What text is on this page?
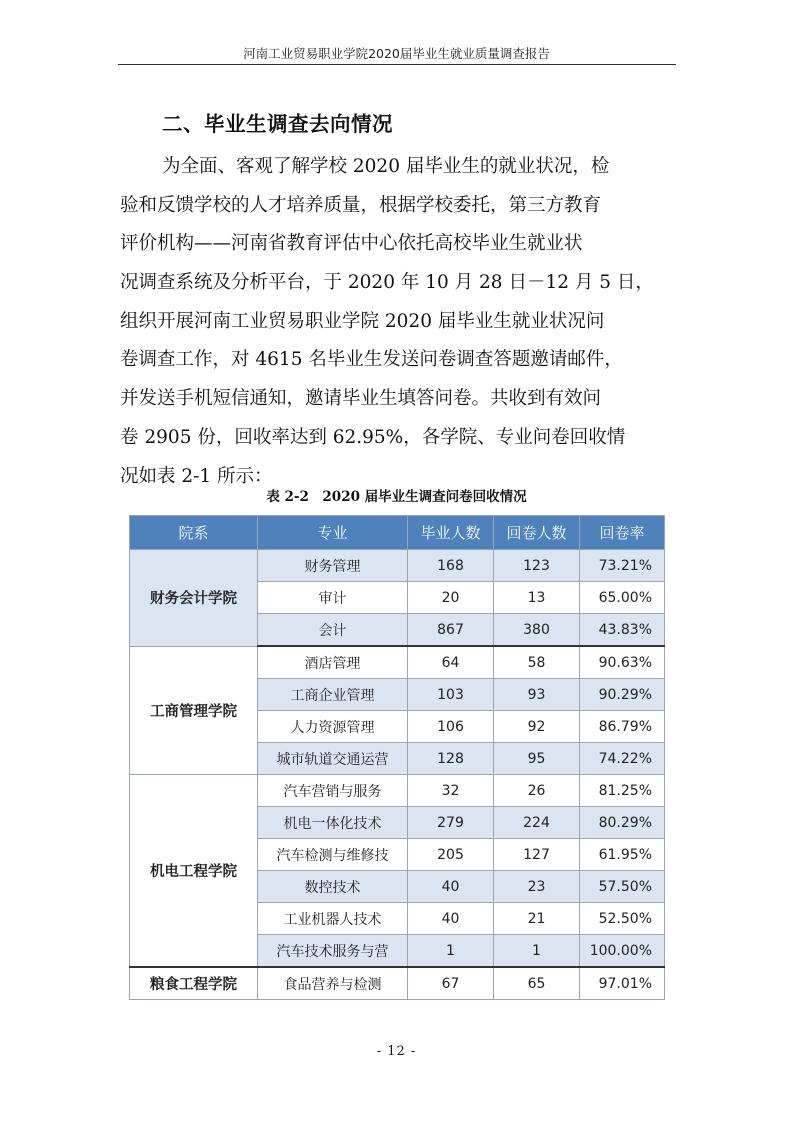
河南工业贸易职业学院2020届毕业生就业质量调查报告
二、毕业生调查去向情况
为全面、客观了解学校 2020 届毕业生的就业状况，检
验和反馈学校的人才培养质量，根据学校委托，第三方教育
评价机构——河南省教育评估中心依托高校毕业生就业状
况调查系统及分析平台，于 2020 年 10 月 28 日－12 月 5 日，
组织开展河南工业贸易职业学院 2020 届毕业生就业状况问
卷调查工作，对 4615 名毕业生发送问卷调查答题邀请邮件，
并发送手机短信通知，邀请毕业生填答问卷。共收到有效问
卷 2905 份，回收率达到 62.95%，各学院、专业问卷回收情
况如表 2-1 所示：
表 2-2　2020 届毕业生调查问卷回收情况
院系	专业	毕业人数	回卷人数	回卷率
财务会计学院	财务管理	168	123	73.21%
	审计	20	13	65.00%
	会计	867	380	43.83%
工商管理学院	酒店管理	64	58	90.63%
	工商企业管理	103	93	90.29%
	人力资源管理	106	92	86.79%
	城市轨道交通运营	128	95	74.22%
机电工程学院	汽车营销与服务	32	26	81.25%
	机电一体化技术	279	224	80.29%
	汽车检测与维修技	205	127	61.95%
	数控技术	40	23	57.50%
	工业机器人技术	40	21	52.50%
	汽车技术服务与营	1	1	100.00%
粮食工程学院	食品营养与检测	67	65	97.01%
- 12 -
